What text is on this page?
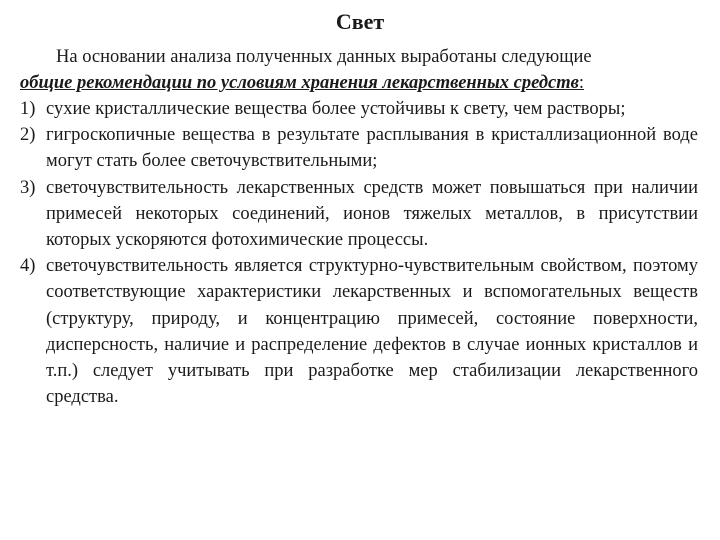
Свет
На основании анализа полученных данных выработаны следующие
общие рекомендации по условиям хранения лекарственных средств:
1) сухие кристаллические вещества более устойчивы к свету, чем растворы;
2) гигроскопичные вещества в результате расплывания в кристаллизационной воде могут стать более светочувствительными;
3) светочувствительность лекарственных средств может повышаться при наличии примесей некоторых соединений, ионов тяжелых металлов, в присутствии которых ускоряются фотохимические процессы.
4) светочувствительность является структурно-чувствительным свойством, поэтому соответствующие характеристики лекарственных и вспомогательных веществ (структуру, природу, и концентрацию примесей, состояние поверхности, дисперсность, наличие и распределение дефектов в случае ионных кристаллов и т.п.) следует учитывать при разработке мер стабилизации лекарственного средства.
